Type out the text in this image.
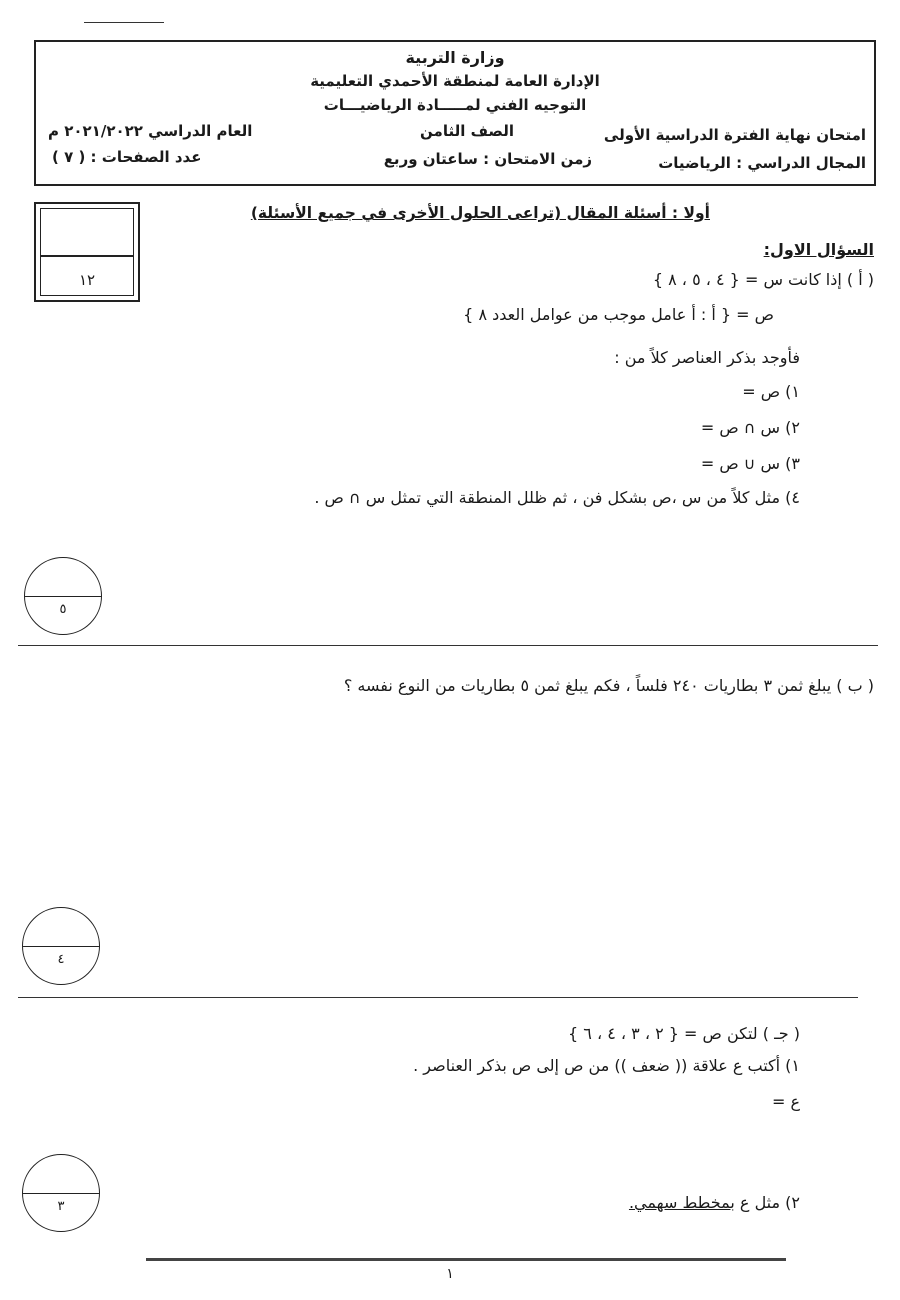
وزارة التربية
الإدارة العامة لمنطقة الأحمدي التعليمية
التوجيه الفني لمـــــادة الرياضيـــات
امتحان نهاية الفترة الدراسية الأولى
الصف الثامن
العام الدراسي ٢٠٢١/٢٠٢٢ م
المجال الدراسي : الرياضيات
زمن الامتحان : ساعتان وربع
عدد الصفحات : ( ٧ )
١٢
أولا : أسئلة المقال (تراعى الحلول الأخرى في جميع الأسئلة)
السؤال الاول:
( أ ) إذا كانت س = { ٤ ، ٥ ، ٨ }
ص = { أ : أ عامل موجب من عوامل العدد ٨ }
فأوجد بذكر العناصر كلاً من :
١) ص =
٢) س ∩ ص =
٣) س ∪ ص =
٤) مثل كلاً من س ،ص بشكل فن ، ثم ظلل المنطقة التي تمثل س ∩ ص .
٥
( ب ) يبلغ ثمن ٣ بطاريات ٢٤٠ فلساً ، فكم يبلغ ثمن ٥ بطاريات من النوع نفسه ؟
٤
( جـ ) لتكن ص = { ٢ ، ٣ ، ٤ ، ٦ }
١) أكتب ع علاقة (( ضعف )) من ص إلى ص بذكر العناصر .
ع =
٢) مثل ع بمخطط سهمي.
٣
١
